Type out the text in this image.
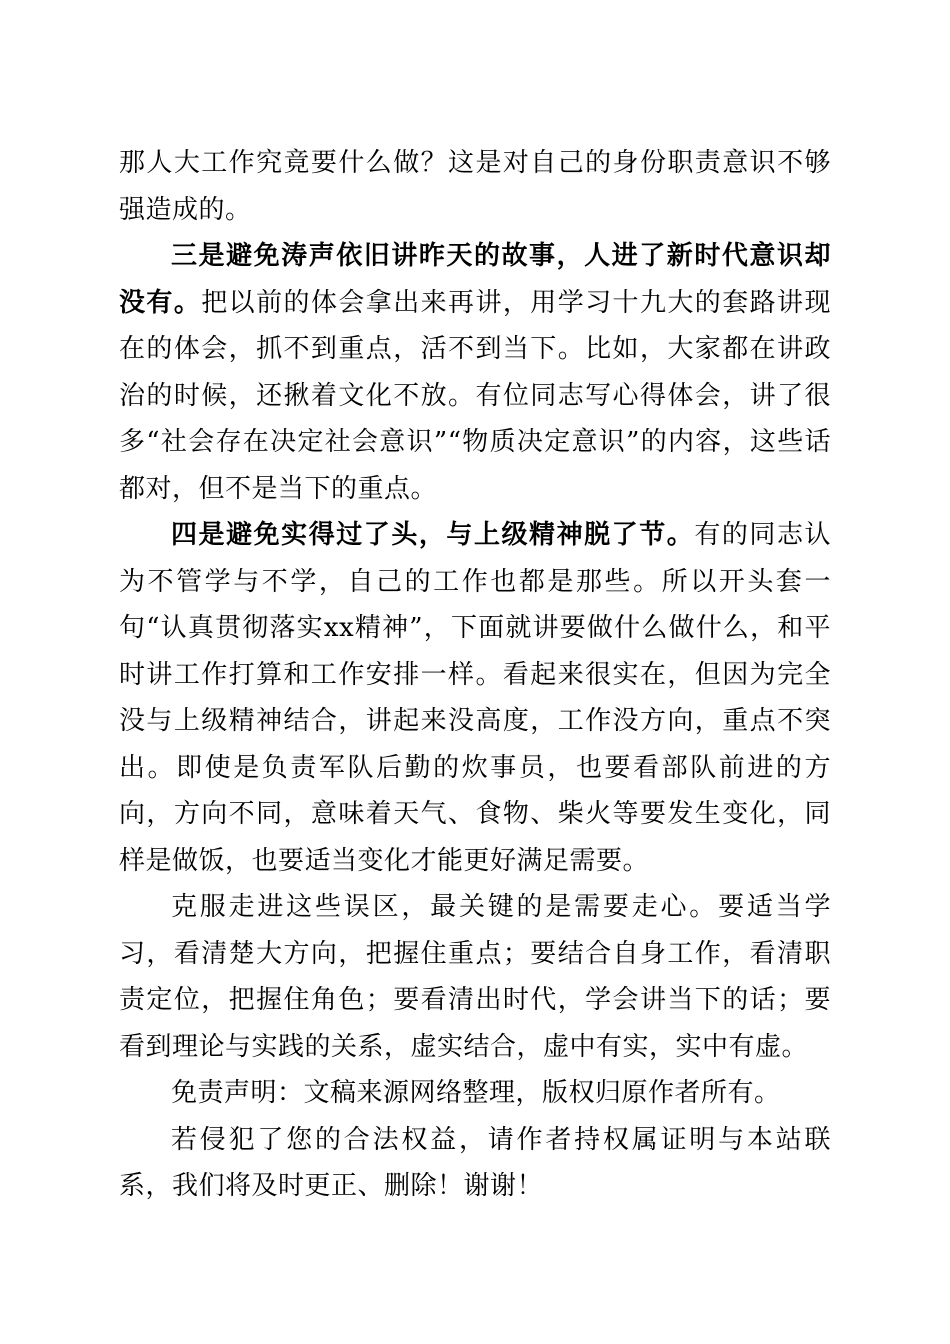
那人大工作究竟要什么做？这是对自己的身份职责意识不够强造成的。

三是避免涛声依旧讲昨天的故事，人进了新时代意识却没有。把以前的体会拿出来再讲，用学习十九大的套路讲现在的体会，抓不到重点，活不到当下。比如，大家都在讲政治的时候，还揪着文化不放。有位同志写心得体会，讲了很多“社会存在决定社会意识”“物质决定意识”的内容，这些话都对，但不是当下的重点。

四是避免实得过了头，与上级精神脱了节。有的同志认为不管学与不学，自己的工作也都是那些。所以开头套一句“认真贯彻落实xx精神”，下面就讲要做什么做什么，和平时讲工作打算和工作安排一样。看起来很实在，但因为完全没与上级精神结合，讲起来没高度，工作没方向，重点不突出。即使是负责军队后勤的炊事员，也要看部队前进的方向，方向不同，意味着天气、食物、柴火等要发生变化，同样是做饭，也要适当变化才能更好满足需要。

克服走进这些误区，最关键的是需要走心。要适当学习，看清楚大方向，把握住重点；要结合自身工作，看清职责定位，把握住角色；要看清出时代，学会讲当下的话；要看到理论与实践的关系，虚实结合，虚中有实，实中有虚。

免责声明：文稿来源网络整理，版权归原作者所有。

若侵犯了您的合法权益，请作者持权属证明与本站联系，我们将及时更正、删除！谢谢！
